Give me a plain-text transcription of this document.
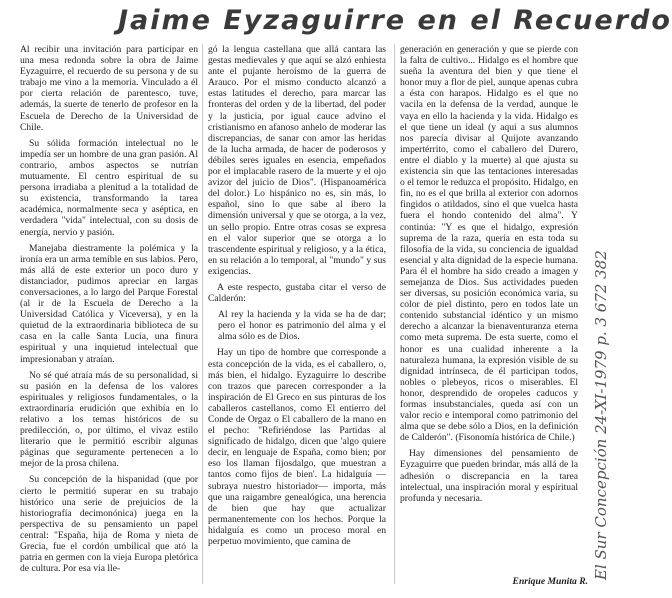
Jaime Eyzaguirre en el Recuerdo

Al recibir una invitación para participar en una mesa redonda sobre la obra de Jaime Eyzaguirre, el recuerdo de su persona y de su trabajo me vino a la memoria. Vinculado a él por cierta relación de parentesco, tuve, además, la suerte de tenerlo de profesor en la Escuela de Derecho de la Universidad de Chile.

Su sólida formación intelectual no le impedía ser un hombre de una gran pasión. Al contrario, ambos aspectos se nutrían mutuamente. El centro espiritual de su persona irradiaba a plenitud a la totalidad de su existencia, transformando la tarea académica, normalmente seca y aséptica, en verdadera "vida" intelectual, con su dosis de energía, nervio y pasión.

Manejaba diestramente la polémica y la ironía era un arma temible en sus labios. Pero, más allá de este exterior un poco duro y distanciador, pudimos apreciar en largas conversaciones, a lo largo del Parque Forestal (al ir de la Escuela de Derecho a la Universidad Católica y Viceversa), y en la quietud de la extraordinaria biblioteca de su casa en la calle Santa Lucía, una finura espiritual y una inquietud intelectual que impresionaban y atraían.

No sé qué atraía más de su personalidad, si su pasión en la defensa de los valores espirituales y religiosos fundamentales, o la extraordinaria erudición que exhibía en lo relativo a los temas históricos de su predilección, o, por último, el vivaz estilo literario que le permitió escribir algunas páginas que seguramente pertenecen a lo mejor de la prosa chilena.

Su concepción de la hispanidad (que por cierto le permitió superar en su trabajo histórico una serie de prejuicios de la historiografía decimonónica) juega en la perspectiva de su pensamiento un papel central: "España, hija de Roma y nieta de Grecia, fue el cordón umbilical que ató la patria en germen con la vieja Europa pletórica de cultura. Por esa vía lle-

gó la lengua castellana que allá cantara las gestas medievales y que aquí se alzó enhiesta ante el pujante heroísmo de la guerra de Arauco. Por el mismo conducto alcanzó a estas latitudes el derecho, para marcar las fronteras del orden y de la libertad, del poder y la justicia, por igual cauce advino el cristianismo en afanoso anhelo de moderar las discrepancias, de sanar con amor las heridas de la lucha armada, de hacer de poderosos y débiles seres iguales en esencia, empeñados por el implacable rasero de la muerte y el ojo avizor del juicio de Dios". (Hispanoamérica del dolor.) Lo hispánico no es, sin más, lo español, sino lo que sabe al íbero la dimensión universal y que se otorga, a la vez, un sello propio. Entre otras cosas se expresa en el valor superior que se otorga a lo trascendente espiritual y religioso, y a la ética, en su relación a lo temporal, al "mundo" y sus exigencias.

A este respecto, gustaba citar el verso de Calderón:

Al rey la hacienda y la vida se ha de dar; pero el honor es patrimonio del alma y el alma sólo es de Dios.

Hay un tipo de hombre que corresponde a esta concepción de la vida, es el caballero, o, más bien, el hidalgo. Eyzaguirre lo describe con trazos que parecen corresponder a la inspiración de El Greco en sus pinturas de los caballeros castellanos, como El entierro del Conde de Orgaz o El caballero de la mano en el pecho: "Refiriéndose las Partidas al significado de hidalgo, dicen que 'algo quiere decir, en lenguaje de España, como bien; por eso los llaman fijosdalgo, que muestran a tantos como fijos de bien'. La hidalguía —subraya nuestro historiador— importa, más que una raigambre genealógica, una herencia de bien que hay que actualizar permanentemente con los hechos. Porque la hidalguía es como un proceso moral en perpetuo movimiento, que camina de

generación en generación y que se pierde con la falta de cultivo... Hidalgo es el hombre que sueña la aventura del bien y que tiene el honor muy a flor de piel, aunque apenas cubra a ésta con harapos. Hidalgo es el que no vacila en la defensa de la verdad, aunque le vaya en ello la hacienda y la vida. Hidalgo es el que tiene un ideal (y aquí a sus alumnos nos parecía divisar al Quijote avanzando impertérrito, como el caballero del Durero, entre el diablo y la muerte) al que ajusta su existencia sin que las tentaciones interesadas o el temor le reduzca el propósito. Hidalgo, en fin, no es el que brilla al exterior con adornos fingidos o atildados, sino el que vuelca hasta fuera el hondo contenido del alma". Y continúa: "Y es que el hidalgo, expresión suprema de la raza, quería en esta toda su filosofía de la vida, su conciencia de igualdad esencial y alta dignidad de la especie humana. Para él el hombre ha sido creado a imagen y semejanza de Dios. Sus actividades pueden ser diversas, su posición económica varia, su color de piel distinto, pero en todos late un contenido substancial idéntico y un mismo derecho a alcanzar la bienaventuranza eterna como meta suprema. De esta suerte, como el honor es una cualidad inherente a la naturaleza humana, la expresión visible de su dignidad intrínseca, de él participan todos, nobles o plebeyos, ricos o miserables. El honor, desprendido de oropeles caducos y formas insubstanciales, queda así con un valor recio e intemporal como patrimonio del alma que se debe sólo a Dios, en la definición de Calderón". (Fisonomía histórica de Chile.)

Hay dimensiones del pensamiento de Eyzaguirre que pueden brindar, más allá de la adhesión o discrepancia en la tarea intelectual, una inspiración moral y espiritual profunda y necesaria.

Enrique Munita R.
El Sur Concepción 24-XI-1979 p. 3 672 382
